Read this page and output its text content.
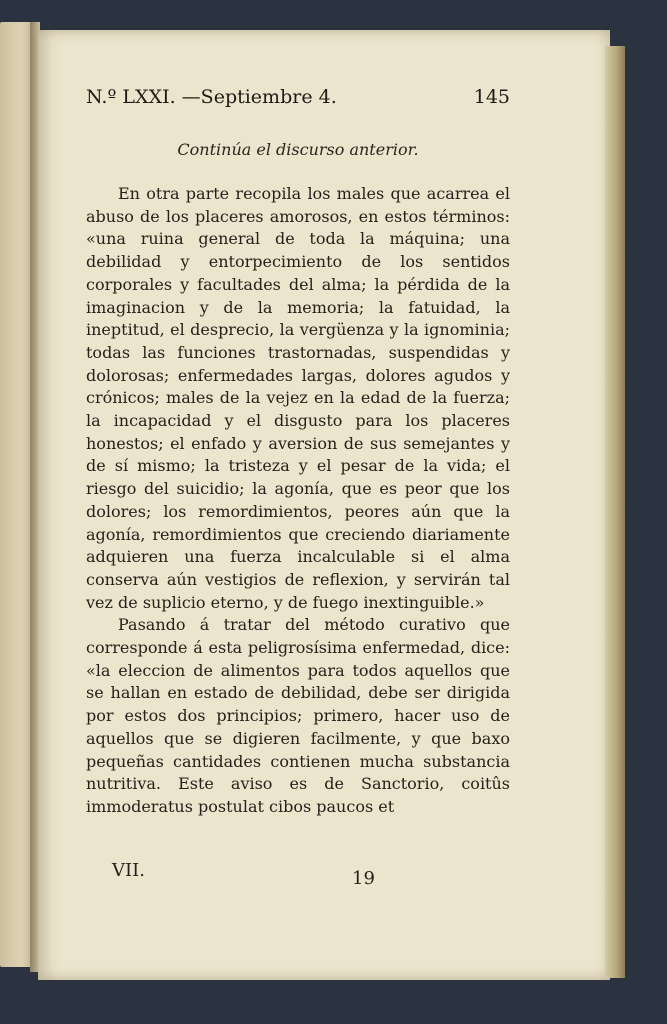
N.º LXXI. —Septiembre 4.	145
Continúa el discurso anterior.

En otra parte recopila los males que acarrea el abuso de los placeres amorosos, en estos términos: «una ruina general de toda la máquina; una debilidad y entorpecimiento de los sentidos corporales y facultades del alma; la pérdida de la imaginacion y de la memoria; la fatuidad, la ineptitud, el desprecio, la vergüenza y la ignominia; todas las funciones trastornadas, suspendidas y dolorosas; enfermedades largas, dolores agudos y crónicos; males de la vejez en la edad de la fuerza; la incapacidad y el disgusto para los placeres honestos; el enfado y aversion de sus semejantes y de sí mismo; la tristeza y el pesar de la vida; el riesgo del suicidio; la agonía, que es peor que los dolores; los remordimientos, peores aún que la agonía, remordimientos que creciendo diariamente adquieren una fuerza incalculable si el alma conserva aún vestigios de reflexion, y servirán tal vez de suplicio eterno, y de fuego inextinguible.»

Pasando á tratar del método curativo que corresponde á esta peligrosísima enfermedad, dice: «la eleccion de alimentos para todos aquellos que se hallan en estado de debilidad, debe ser dirigida por estos dos principios; primero, hacer uso de aquellos que se digieren facilmente, y que baxo pequeñas cantidades contienen mucha substancia nutritiva. Este aviso es de Sanctorio, coitûs immoderatus postulat cibos paucos et

VII.	19
